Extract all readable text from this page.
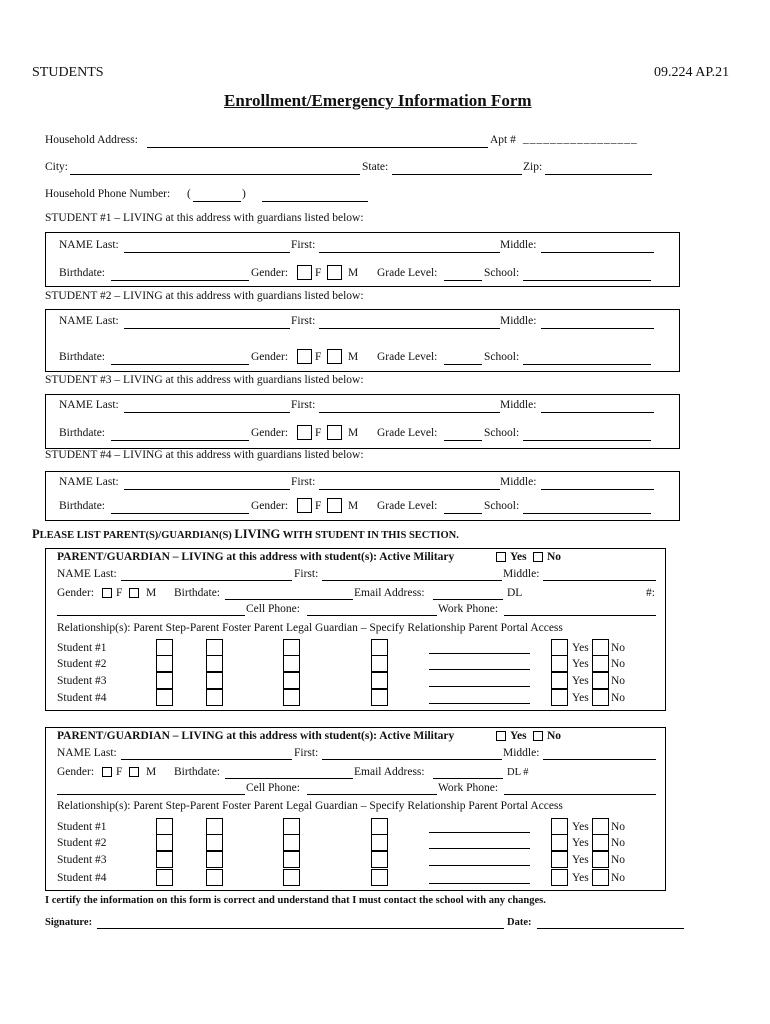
STUDENTS	09.224 AP.21
Enrollment/Emergency Information Form
Household Address:	Apt # _________________
City:	State:	Zip:
Household Phone Number: (	)
STUDENT #1 – LIVING at this address with guardians listed below:
NAME Last:	First:	Middle:
Birthdate:	Gender: F M Grade Level:	School:
STUDENT #2 – LIVING at this address with guardians listed below:
NAME Last:	First:	Middle:
Birthdate:	Gender: F M Grade Level:	School:
STUDENT #3 – LIVING at this address with guardians listed below:
NAME Last:	First:	Middle:
Birthdate:	Gender: F M Grade Level:	School:
STUDENT #4 – LIVING at this address with guardians listed below:
NAME Last:	First:	Middle:
Birthdate:	Gender: F M Grade Level:	School:
PLEASE LIST PARENT(S)/GUARDIAN(S) LIVING WITH STUDENT IN THIS SECTION.
PARENT/GUARDIAN – LIVING at this address with student(s): Active Military	Yes No
NAME Last:	First:	Middle:
Gender: F M Birthdate:	Email Address:	DL	#:
Cell Phone:	Work Phone:
Relationship(s): Parent Step-Parent Foster Parent Legal Guardian – Specify Relationship Parent Portal Access
Student #1	Yes No
Student #2	Yes No
Student #3	Yes No
Student #4	Yes No
PARENT/GUARDIAN – LIVING at this address with student(s): Active Military	Yes No
NAME Last:	First:	Middle:
Gender: F M Birthdate:	Email Address:	DL #
Cell Phone:	Work Phone:
Relationship(s): Parent Step-Parent Foster Parent Legal Guardian – Specify Relationship Parent Portal Access
Student #1	Yes No
Student #2	Yes No
Student #3	Yes No
Student #4	Yes No
I certify the information on this form is correct and understand that I must contact the school with any changes.
Signature:	Date:
